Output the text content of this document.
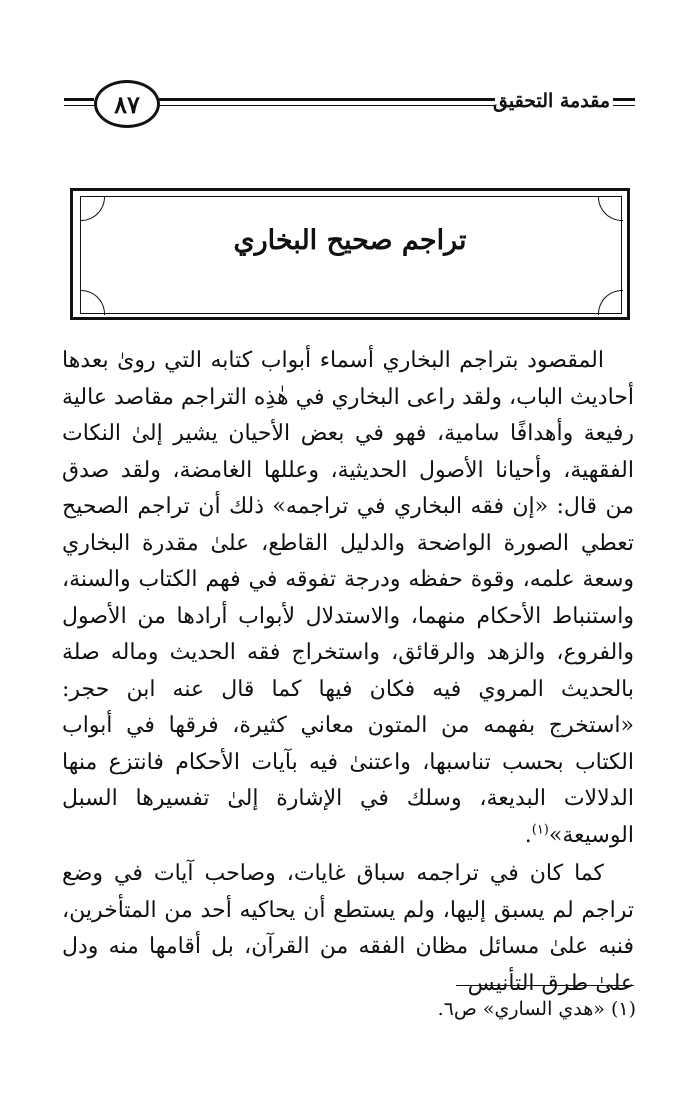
٨٧	مقدمة التحقيق
تراجم صحيح البخاري

المقصود بتراجم البخاري أسماء أبواب كتابه التي روىٰ بعدها أحاديث الباب، ولقد راعى البخاري في هٰذِه التراجم مقاصد عالية رفيعة وأهدافًا سامية، فهو في بعض الأحيان يشير إلىٰ النكات الفقهية، وأحيانا الأصول الحديثية، وعللها الغامضة، ولقد صدق من قال: «إن فقه البخاري في تراجمه» ذلك أن تراجم الصحيح تعطي الصورة الواضحة والدليل القاطع، علىٰ مقدرة البخاري وسعة علمه، وقوة حفظه ودرجة تفوقه في فهم الكتاب والسنة، واستنباط الأحكام منهما، والاستدلال لأبواب أرادها من الأصول والفروع، والزهد والرقائق، واستخراج فقه الحديث وماله صلة بالحديث المروي فيه فكان فيها كما قال عنه ابن حجر: «استخرج بفهمه من المتون معاني كثيرة، فرقها في أبواب الكتاب بحسب تناسبها، واعتنىٰ فيه بآيات الأحكام فانتزع منها الدلالات البديعة، وسلك في الإشارة إلىٰ تفسيرها السبل الوسيعة»$^{(١)}$.

كما كان في تراجمه سباق غايات، وصاحب آيات في وضع تراجم لم يسبق إليها، ولم يستطع أن يحاكيه أحد من المتأخرين، فنبه علىٰ مسائل مظان الفقه من القرآن، بل أقامها منه ودل علىٰ طرق التأنيس

(١) «هدي الساري» ص٦.
